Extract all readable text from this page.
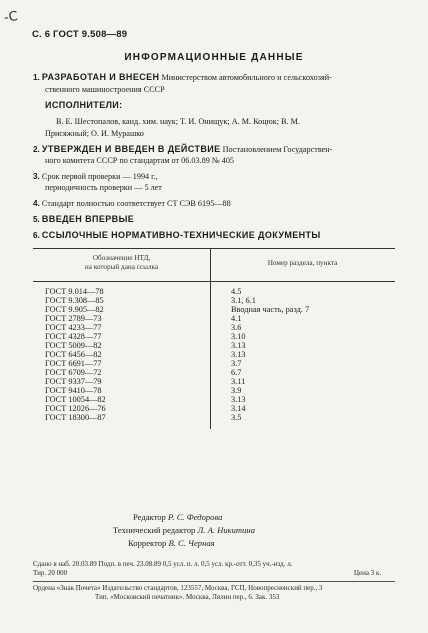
-C
С. 6 ГОСТ 9.508—89
ИНФОРМАЦИОННЫЕ ДАННЫЕ
1. РАЗРАБОТАН И ВНЕСЕН Министерством автомобильного и сельскохозяй-
ственного машиностроения СССР
ИСПОЛНИТЕЛИ:
В. Е. Шестопалов, канд. хим. наук; Т. И. Онищук; А. М. Коцюк; В. М.
Присяжный; О. И. Мурашко
2. УТВЕРЖДЕН И ВВЕДЕН В ДЕЙСТВИЕ Постановлением Государствен-
ного комитета СССР по стандартам от 06.03.89 № 405
3. Срок первой проверки — 1994 г.,
периодичность проверки — 5 лет
4. Стандарт полностью соответствует СТ СЭВ 6195—88
5. ВВЕДЕН ВПЕРВЫЕ
6. ССЫЛОЧНЫЕ НОРМАТИВНО-ТЕХНИЧЕСКИЕ ДОКУМЕНТЫ
Обозначение НТД,
на который дана ссылка	Номер раздела, пункта
ГОСТ 9.014—78	4.5
ГОСТ 9.308—85	3.1, 6.1
ГОСТ 9.905—82	Вводная часть, разд. 7
ГОСТ 2789—73	4.1
ГОСТ 4233—77	3.6
ГОСТ 4328—77	3.10
ГОСТ 5009—82	3.13
ГОСТ 6456—82	3.13
ГОСТ 6691—77	3.7
ГОСТ 6709—72	6.7
ГОСТ 9337—79	3.11
ГОСТ 9410—78	3.9
ГОСТ 10054—82	3.13
ГОСТ 12026—76	3.14
ГОСТ 18300—87	3.5
Редактор Р. С. Федорова
Технический редактор Л. А. Никитина
Корректор В. С. Черная
Сдано в наб. 20.03.89 Подп. в печ. 23.08.89 0,5 усл. п. л. 0,5 усл. кр.-отт. 0,35 уч.-изд. л.
Тир. 20 000	Цена 3 к.
Ордена «Знак Почета» Издательство стандартов, 123557, Москва, ГСП, Новопресненский пер., 3
Тип. «Московский печатник». Москва, Лялин пер., 6. Зак. 353
